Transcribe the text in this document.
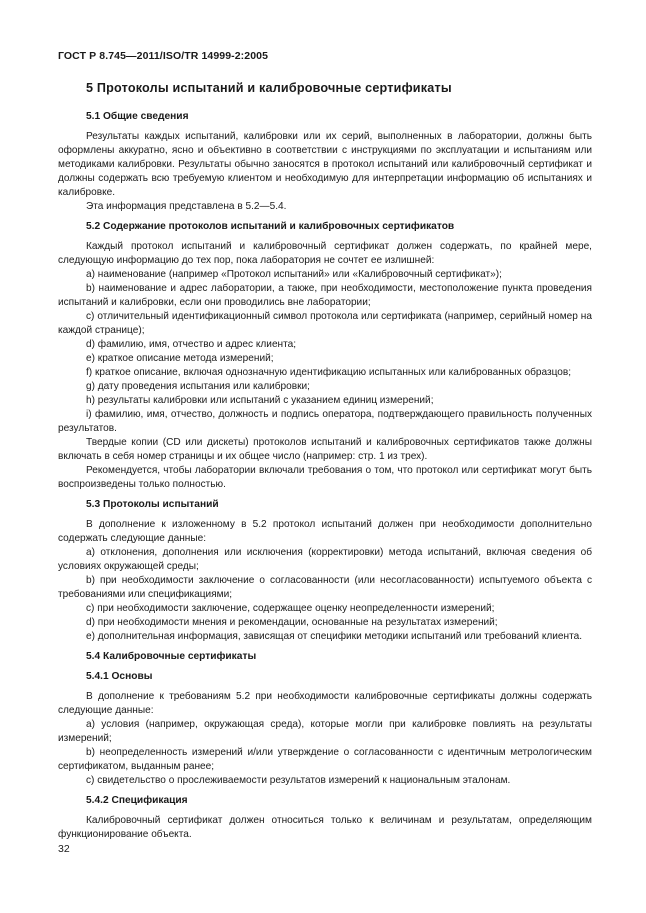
ГОСТ Р 8.745—2011/ISO/TR 14999-2:2005
5 Протоколы испытаний и калибровочные сертификаты
5.1 Общие сведения

Результаты каждых испытаний, калибровки или их серий, выполненных в лаборатории, должны быть оформлены аккуратно, ясно и объективно в соответствии с инструкциями по эксплуатации и испытаниям или методиками калибровки. Результаты обычно заносятся в протокол испытаний или калибровочный сертификат и должны содержать всю требуемую клиентом и необходимую для интерпретации информацию об испытаниях и калибровке.

Эта информация представлена в 5.2—5.4.

5.2 Содержание протоколов испытаний и калибровочных сертификатов

Каждый протокол испытаний и калибровочный сертификат должен содержать, по крайней мере, следующую информацию до тех пор, пока лаборатория не сочтет ее излишней:

а) наименование (например «Протокол испытаний» или «Калибровочный сертификат»);

b) наименование и адрес лаборатории, а также, при необходимости, местоположение пункта проведения испытаний и калибровки, если они проводились вне лаборатории;

с) отличительный идентификационный символ протокола или сертификата (например, серийный номер на каждой странице);

d) фамилию, имя, отчество и адрес клиента;

е) краткое описание метода измерений;

f) краткое описание, включая однозначную идентификацию испытанных или калиброванных образцов;

g) дату проведения испытания или калибровки;

h) результаты калибровки или испытаний с указанием единиц измерений;

i) фамилию, имя, отчество, должность и подпись оператора, подтверждающего правильность полученных результатов.

Твердые копии (CD или дискеты) протоколов испытаний и калибровочных сертификатов также должны включать в себя номер страницы и их общее число (например: стр. 1 из трех).

Рекомендуется, чтобы лаборатории включали требования о том, что протокол или сертификат могут быть воспроизведены только полностью.

5.3 Протоколы испытаний

В дополнение к изложенному в 5.2 протокол испытаний должен при необходимости дополнительно содержать следующие данные:

а) отклонения, дополнения или исключения (корректировки) метода испытаний, включая сведения об условиях окружающей среды;

b) при необходимости заключение о согласованности (или несогласованности) испытуемого объекта с требованиями или спецификациями;

с) при необходимости заключение, содержащее оценку неопределенности измерений;

d) при необходимости мнения и рекомендации, основанные на результатах измерений;

е) дополнительная информация, зависящая от специфики методики испытаний или требований клиента.

5.4 Калибровочные сертификаты
5.4.1 Основы

В дополнение к требованиям 5.2 при необходимости калибровочные сертификаты должны содержать следующие данные:

а) условия (например, окружающая среда), которые могли при калибровке повлиять на результаты измерений;

b) неопределенность измерений и/или утверждение о согласованности с идентичным метрологическим сертификатом, выданным ранее;

с) свидетельство о прослеживаемости результатов измерений к национальным эталонам.

5.4.2 Спецификация

Калибровочный сертификат должен относиться только к величинам и результатам, определяющим функционирование объекта.

32
